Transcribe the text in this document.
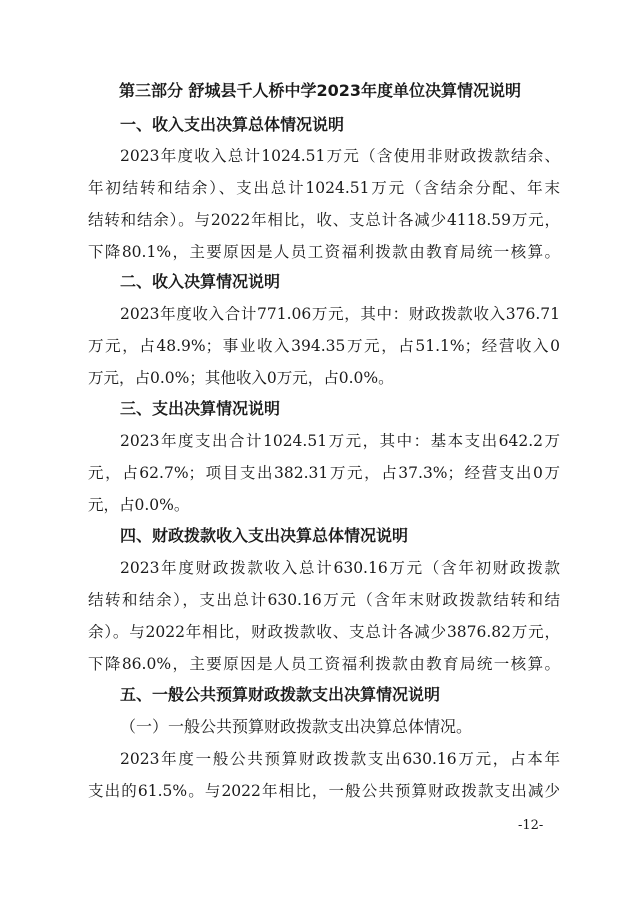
第三部分 舒城县千人桥中学2023年度单位决算情况说明
一、收入支出决算总体情况说明
2023年度收入总计1024.51万元（含使用非财政拨款结余、
年初结转和结余）、支出总计1024.51万元（含结余分配、年末
结转和结余）。与2022年相比，收、支总计各减少4118.59万元，
下降80.1%，主要原因是人员工资福利拨款由教育局统一核算。
二、收入决算情况说明
2023年度收入合计771.06万元，其中：财政拨款收入376.71
万元，占48.9%；事业收入394.35万元，占51.1%；经营收入0
万元，占0.0%；其他收入0万元，占0.0%。
三、支出决算情况说明
2023年度支出合计1024.51万元，其中：基本支出642.2万
元，占62.7%；项目支出382.31万元，占37.3%；经营支出0万
元，占0.0%。
四、财政拨款收入支出决算总体情况说明
2023年度财政拨款收入总计630.16万元（含年初财政拨款
结转和结余），支出总计630.16万元（含年末财政拨款结转和结
余）。与2022年相比，财政拨款收、支总计各减少3876.82万元，
下降86.0%，主要原因是人员工资福利拨款由教育局统一核算。
五、一般公共预算财政拨款支出决算情况说明
（一）一般公共预算财政拨款支出决算总体情况。
2023年度一般公共预算财政拨款支出630.16万元，占本年
支出的61.5%。与2022年相比，一般公共预算财政拨款支出减少
-12-
